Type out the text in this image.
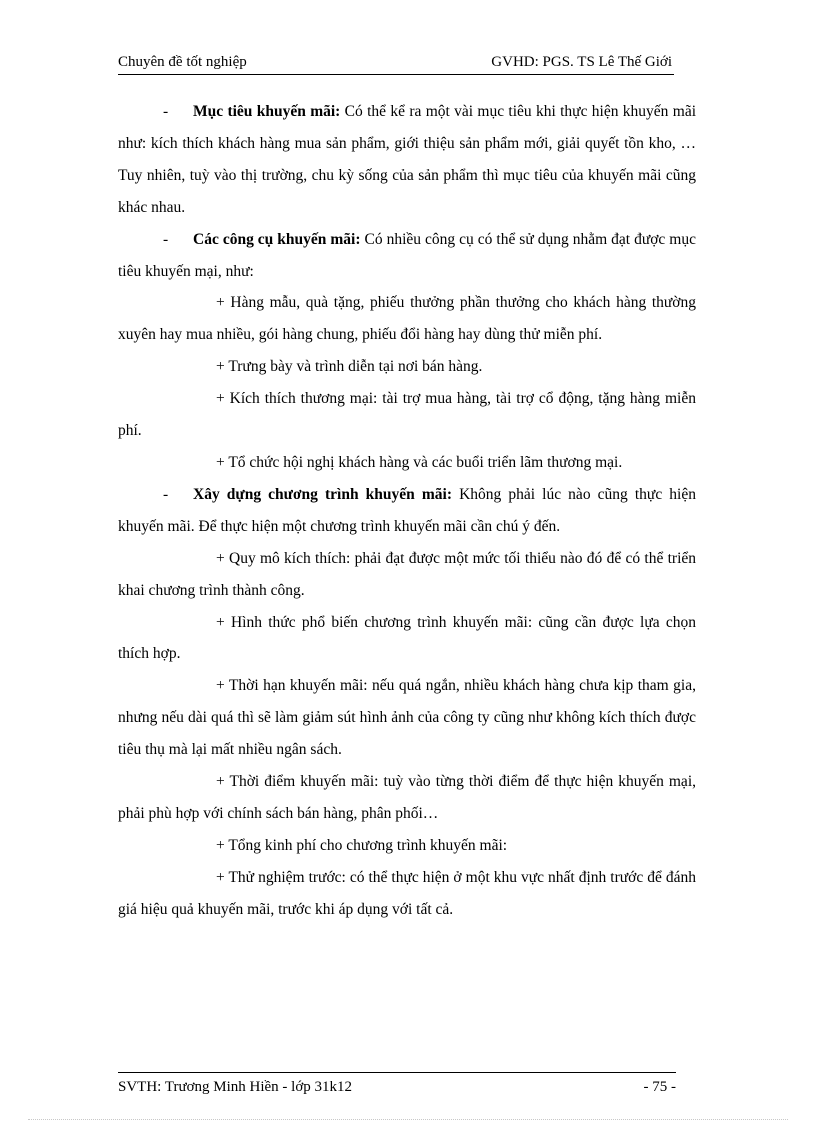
Chuyên đề tốt nghiệp	GVHD: PGS. TS Lê Thế Giới

- Mục tiêu khuyến mãi: Có thể kể ra một vài mục tiêu khi thực hiện khuyến mãi như: kích thích khách hàng mua sản phẩm, giới thiệu sản phẩm mới, giải quyết tồn kho, …Tuy nhiên, tuỳ vào thị trường, chu kỳ sống của sản phẩm thì mục tiêu của khuyến mãi cũng khác nhau.

- Các công cụ khuyến mãi: Có nhiều công cụ có thể sử dụng nhằm đạt được mục tiêu khuyến mại, như:

+ Hàng mẫu, quà tặng, phiếu thưởng phần thưởng cho khách hàng thường xuyên hay mua nhiều, gói hàng chung, phiếu đổi hàng hay dùng thử miễn phí.

+ Trưng bày và trình diễn tại nơi bán hàng.

+ Kích thích thương mại: tài trợ mua hàng, tài trợ cổ động, tặng hàng miễn phí.

+ Tổ chức hội nghị khách hàng và các buổi triển lãm thương mại.

- Xây dựng chương trình khuyến mãi: Không phải lúc nào cũng thực hiện khuyến mãi. Để thực hiện một chương trình khuyến mãi cần chú ý đến.

+ Quy mô kích thích: phải đạt được một mức tối thiểu nào đó để có thể triển khai chương trình thành công.

+ Hình thức phổ biến chương trình khuyến mãi: cũng cần được lựa chọn thích hợp.

+ Thời hạn khuyến mãi: nếu quá ngắn, nhiều khách hàng chưa kịp tham gia, nhưng nếu dài quá thì sẽ làm giảm sút hình ảnh của công ty cũng như không kích thích được tiêu thụ mà lại mất nhiều ngân sách.

+ Thời điểm khuyến mãi: tuỳ vào từng thời điểm để thực hiện khuyến mại, phải phù hợp với chính sách bán hàng, phân phối…

+ Tổng kinh phí cho chương trình khuyến mãi:

+ Thử nghiệm trước: có thể thực hiện ở một khu vực nhất định trước để đánh giá hiệu quả khuyến mãi, trước khi áp dụng với tất cả.

SVTH: Trương Minh Hiền - lớp 31k12	- 75 -
